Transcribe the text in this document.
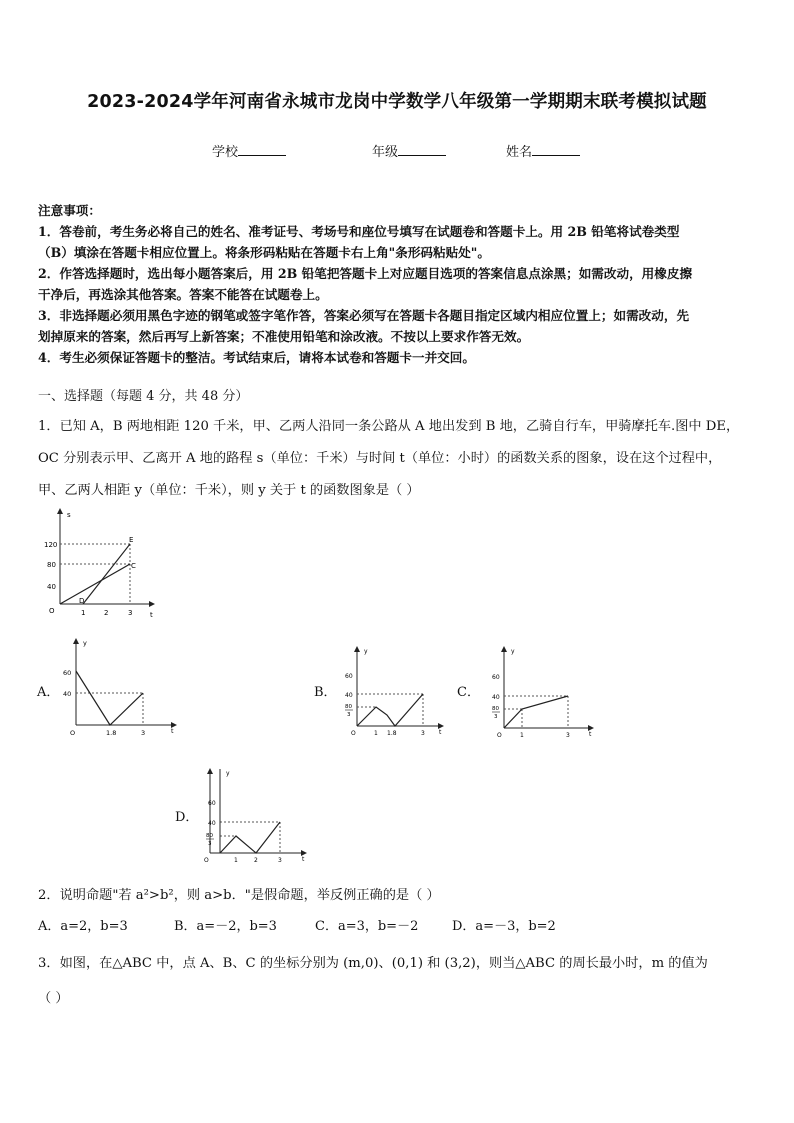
2023-2024学年河南省永城市龙岗中学数学八年级第一学期期末联考模拟试题
学校	年级	姓名
注意事项：
1．答卷前，考生务必将自己的姓名、准考证号、考场号和座位号填写在试题卷和答题卡上。用 2B 铅笔将试卷类型
（B）填涂在答题卡相应位置上。将条形码粘贴在答题卡右上角"条形码粘贴处"。
2．作答选择题时，选出每小题答案后，用 2B 铅笔把答题卡上对应题目选项的答案信息点涂黑；如需改动，用橡皮擦
干净后，再选涂其他答案。答案不能答在试题卷上。
3．非选择题必须用黑色字迹的钢笔或签字笔作答，答案必须写在答题卡各题目指定区域内相应位置上；如需改动，先
划掉原来的答案，然后再写上新答案；不准使用铅笔和涂改液。不按以上要求作答无效。
4．考生必须保证答题卡的整洁。考试结束后，请将本试卷和答题卡一并交回。
一、选择题（每题 4 分，共 48 分）
1．已知 A，B 两地相距 120 千米，甲、乙两人沿同一条公路从 A 地出发到 B 地，乙骑自行车，甲骑摩托车.图中 DE，
OC 分别表示甲、乙离开 A 地的路程 s（单位：千米）与时间 t（单位：小时）的函数关系的图象，设在这个过程中，
甲、乙两人相距 y（单位：千米），则 y 关于 t 的函数图象是（ ）
s
t
O
120
80
40
D
C
E
1	2	3
A．
y
t
O
60
40
1.8	3
B．
y
t
O
60
40
80
3
1 1.8	3
C．
y
t
O
60
40
80
3
1	3
D．
y
t
O
60
40
80
3
1	2	3
2．说明命题"若 a²>b²，则 a>b．"是假命题，举反例正确的是（ ）
A．a=2，b=3	B．a=－2，b=3	C．a=3，b=－2	D．a=－3，b=2
3．如图，在△ABC 中，点 A、B、C 的坐标分别为 (m,0)、(0,1) 和 (3,2)，则当△ABC 的周长最小时，m 的值为
（ ）
